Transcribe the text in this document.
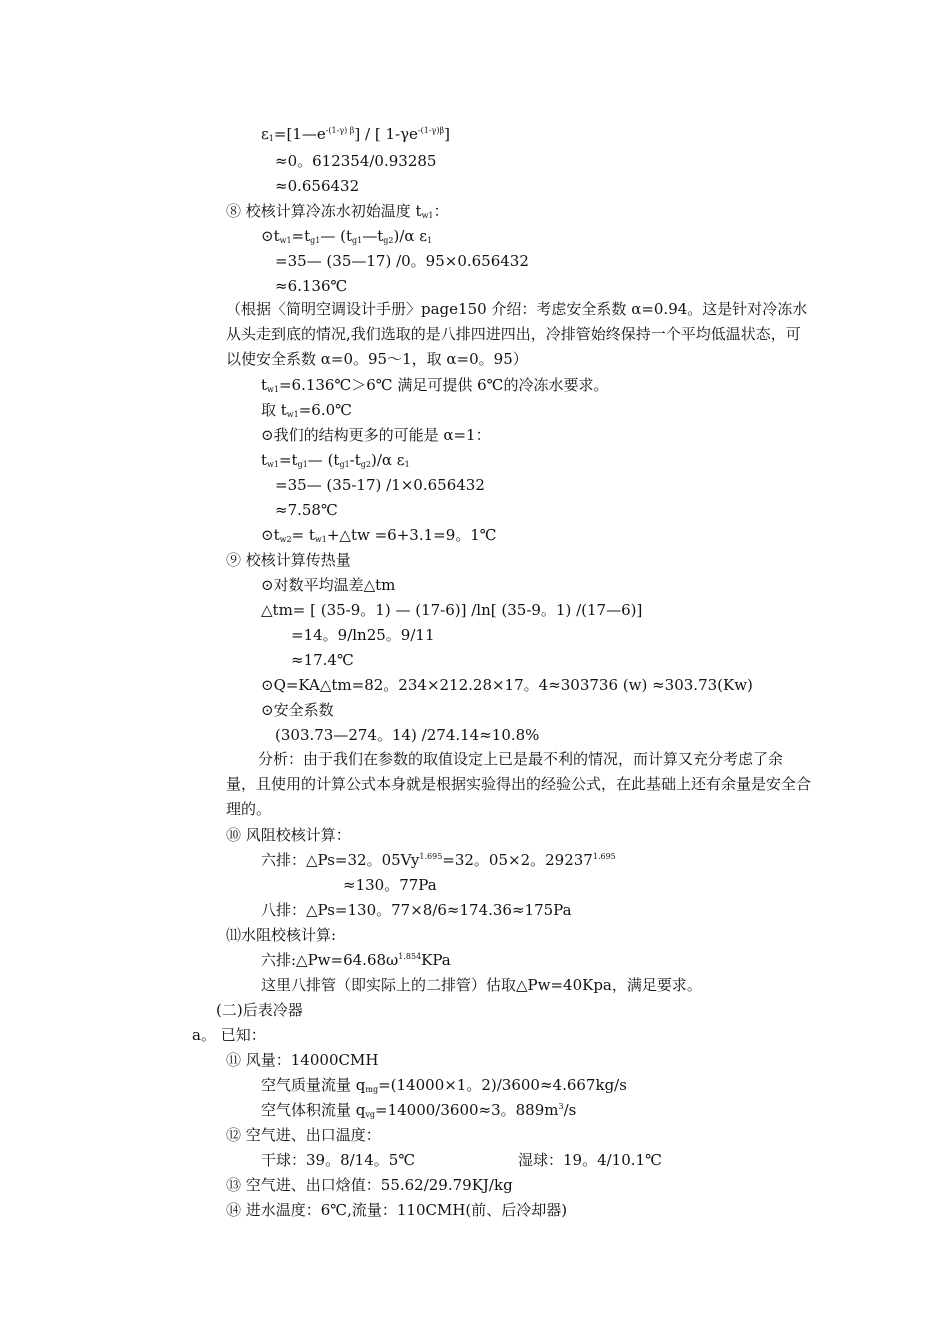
$\varepsilon_1=[1—e^{-(1-\gamma) \beta}]$ / [ $1-\gamma e^{-(1-\gamma)\beta}$]
≈0。612354/0.93285
≈0.656432
⑧ 校核计算冷冻水初始温度 $t_{w1}$：
$⊙t_{w1}=t_{g1}—$ $(t_{g1}—t_{g2})/\alpha$ $\varepsilon_1$
=35— (35—17) /0。95×0.656432
≈6.136℃
（根据〈简明空调设计手册〉page150 介绍：考虑安全系数 α=0.94。这是针对冷冻水从头走到底的情况,我们选取的是八排四进四出，冷排管始终保持一个平均低温状态，可以使安全系数 α=0。95～1，取 α=0。95）
$t_{w1}=6.136℃>6℃$ 满足可提供 6℃的冷冻水要求。
取 $t_{w1}=6.0℃$
⊙我们的结构更多的可能是 α=1：
$t_{w1}=t_{g1}—$ $(t_{g1}-t_{g2})/\alpha$ $\varepsilon_1$
=35— (35-17) /1×0.656432
≈7.58℃
$⊙t_{w2}=$ $t_{w1}+\triangle tw =6+3.1=9$。1℃
⑨ 校核计算传热量
⊙对数平均温差△tm
△tm= [ (35-9。1) — (17-6)] /ln[ (35-9。1) /(17—6)]
=14。9/ln25。9/11
≈17.4℃
⊙Q=KA△tm=82。234×212.28×17。4≈303736 (w) ≈303.73(Kw)
⊙安全系数
(303.73—274。14) /274.14≈10.8%
分析：由于我们在参数的取值设定上已是最不利的情况，而计算又充分考虑了余量，且使用的计算公式本身就是根据实验得出的经验公式，在此基础上还有余量是安全合理的。
⑩ 风阻校核计算：
六排：△Ps=32。$05Vy^{1.695}=32$。05×2。$29237^{1.695}$
≈130。77Pa
八排：△Ps=130。77×8/6≈174.36≈175Pa
⑾水阻校核计算:
六排$:\triangle Pw=64.68\omega^{1.854}KPa$
这里八排管（即实际上的二排管）估取△Pw=40Kpa，满足要求。
(二)后表冷器
a。 已知：
⑪ 风量：14000CMH
空气质量流量 $q_{mg}=(14000\times 1$。2)/3600≈4.667kg/s
空气体积流量 $q_{vg}=14000/3600\approx 3$。$889m^3/s$
⑫ 空气进、出口温度：
干球：39。8/14。5℃	湿球：19。4/10.1℃
⑬ 空气进、出口焓值：55.62/29.79KJ/kg
⑭ 进水温度：6℃,流量：110CMH(前、后冷却器)
